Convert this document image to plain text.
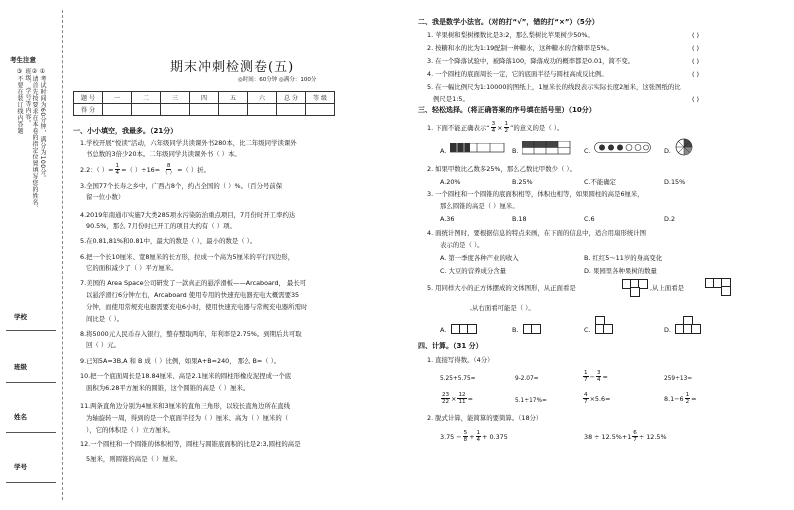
考生注意
③不要在装订线内答题	②请首先按要求在本卷的指定位置填写您的姓名、班级、学号等内容。	①考试时间为60分钟，满分为100分。
学校
班级
姓名
学号
期末冲刺检测卷(五)
◎时间：60分钟 ◎满分：100分
题 号	一	二	三	四	五	六	总 分	等 级
得 分								
一、小小填空，我最多。（21分）
1.学校开展“悦读”活动，六年级同学共读课外书280本，比二年级同学读课外
书总数的3倍少20本。二年级同学共读课外书（ ）本。
2.2：（ ）= $\frac{1}{4}$ =（ ）$\div 16= \frac{8}{( )}$ =（ ）折。
3.全国77个长寿之乡中，广西占8个，约占全国的（ ）%。（百分号前保
留一位小数）
4.2019年南通市实施7大类285项水污染防治重点项目，7月份时开工率约达
90.5%，那么 7月份时已开工的项目大约有（ ）项。
5.在0.81,81%和0.81中，最大的数是（ ），最小的数是（ ）。
6.把一个长10厘米、宽8厘米的长方形，拉成一个高为5厘米的平行四边形，
它的面积减少了（ ）平方厘米。
7.美国的 Area Space公司研发了一款真正的悬浮滑板——Arcaboard， 最长可
以悬浮滑行6分钟左右，Arcaboard 使用专用的快速充电器充电大概需要35
分钟，而使用常规充电器需要充电6小时，使用快速充电器与常规充电器所需时
间比是（ ）。
8.将5000元人民币存入银行，整存整取两年，年利率是2.75%。到期后共可取
回（ ）元。
9.已知5A=3B,A 和 B 成（ ）比例，如果A+B=240， 那么 B=（ ）。
10.把一个底面周长是18.84厘米、高是2.1厘米的圆柱形橡皮泥捏成一个底
面积为6.28平方厘米的圆锥，这个圆锥的高是（ ）厘米。
11.两条直角边分别为4厘米和3厘米的直角三角形，以较长直角边所在直线
为轴旋转一周，得到的是一个底面半径为（ ）厘米、高为（ ）厘米的（
），它的体积是（ ）立方厘米。
12.一个圆柱和一个圆锥的体积相等，圆柱与圆锥底面积的比是2:3,圆柱的高是
5厘米，则圆锥的高是（ ）厘米。
二、我是数学小法官。（对的打“√”，错的打“×”）（5分）
1. 苹果树和梨树棵数比是3:2，那么梨树比苹果树少50%。	( )
2. 按糖和水的比为1:19配制一种糖水，这种糖水的含糖率是5%。	( )
3. 在一个降落试验中，被降落100，降落成功的概率都是0.01，简不变。	( )
4. 一个圆柱的底面周长一定，它的底面半径与圆柱高成反比例。	( )
5. 在一幅比例尺为1:10000的图纸上，1厘米长的线段表示实际长度2厘米，这张图纸的比
例尺是1:5。	( )
三、轻松选择。（将正确答案的序号填在括号里）（10分）
1. 下面不能正确表示“ $\frac{3}{4} \times \frac{1}{2}$ ”的意义的是（ ）。
A.	B.	C.	D.
2. 如果甲数比乙数多25%，那么乙数比甲数少（ ）。
A.20%	B.25%	C.不能确定	D.15%
3. 一个圆柱和一个圆锥的底面积相等，体积也相等，如果圆柱的高是6厘米，
那么圆锥的高是（ ）厘米。
A.36	B.18	C.6	D.2
4. 面统计图时，要根据信息的特点来画，在下面的信息中，适合用扇形统计图
表示的是（ ）。
A. 第一季度各种产业的收入	B. 红红5～11岁的身高变化
C. 大豆的营养成分含量	D. 果园里各种果树的数量
5. 用同样大小的正方体摆成的文体图形，从正面看是	,从上面看是
,从右面看可能是（ ）。
A.	B.	C.	D.
四、计算。（31 分）
1. 直接写得数。（4分）
5.25+5.75=	9-2.07=	$\frac{1}{7} - \frac{3}{4}$ =	259÷13≈
$\frac{23}{22} \times \frac{12}{11}$ =	5.1÷17%=	$\frac{4}{7} \times 5.6=$	$8.1-6 \frac{1}{2}$ =
2. 脱式计算，能简算的要简算。（18分）
$3.75 - \frac{5}{8} + \frac{1}{4} + 0.375$	$38 \div 12.5\%+1 \frac{6}{7} \div 12.5\%$
